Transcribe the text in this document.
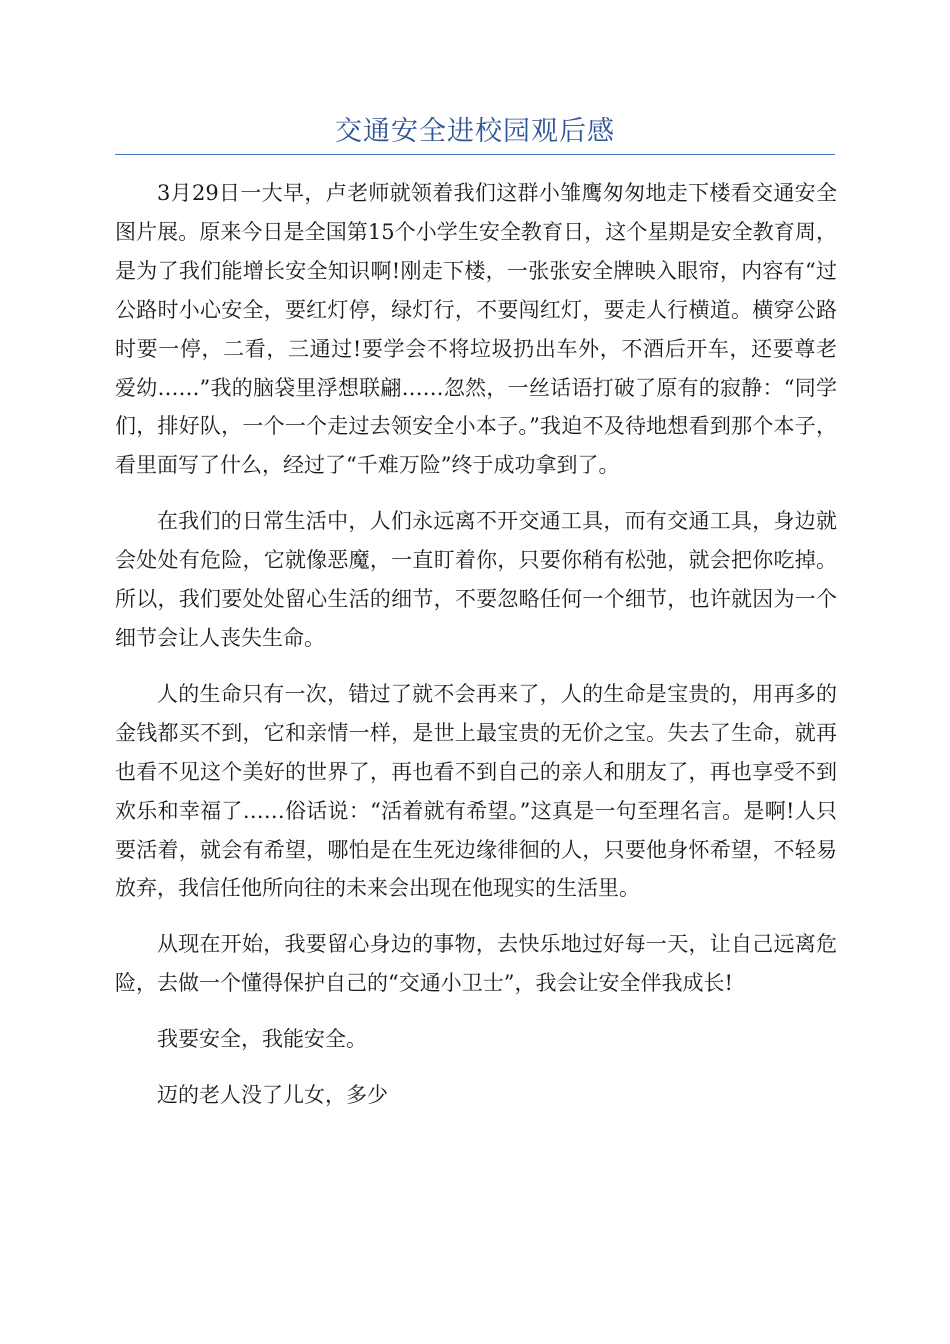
交通安全进校园观后感

3月29日一大早，卢老师就领着我们这群小雏鹰匆匆地走下楼看交通安全图片展。原来今日是全国第15个小学生安全教育日，这个星期是安全教育周，是为了我们能增长安全知识啊!刚走下楼，一张张安全牌映入眼帘，内容有“过公路时小心安全，要红灯停，绿灯行，不要闯红灯，要走人行横道。横穿公路时要一停，二看，三通过!要学会不将垃圾扔出车外，不酒后开车，还要尊老爱幼……”我的脑袋里浮想联翩……忽然，一丝话语打破了原有的寂静：“同学们，排好队，一个一个走过去领安全小本子。”我迫不及待地想看到那个本子，看里面写了什么，经过了“千难万险”终于成功拿到了。

在我们的日常生活中，人们永远离不开交通工具，而有交通工具，身边就会处处有危险，它就像恶魔，一直盯着你，只要你稍有松弛，就会把你吃掉。所以，我们要处处留心生活的细节，不要忽略任何一个细节，也许就因为一个细节会让人丧失生命。

人的生命只有一次，错过了就不会再来了，人的生命是宝贵的，用再多的金钱都买不到，它和亲情一样，是世上最宝贵的无价之宝。失去了生命，就再也看不见这个美好的世界了，再也看不到自己的亲人和朋友了，再也享受不到欢乐和幸福了……俗话说：“活着就有希望。”这真是一句至理名言。是啊!人只要活着，就会有希望，哪怕是在生死边缘徘徊的人，只要他身怀希望，不轻易放弃，我信任他所向往的未来会出现在他现实的生活里。

从现在开始，我要留心身边的事物，去快乐地过好每一天，让自己远离危险，去做一个懂得保护自己的“交通小卫士”，我会让安全伴我成长!

我要安全，我能安全。

迈的老人没了儿女，多少
